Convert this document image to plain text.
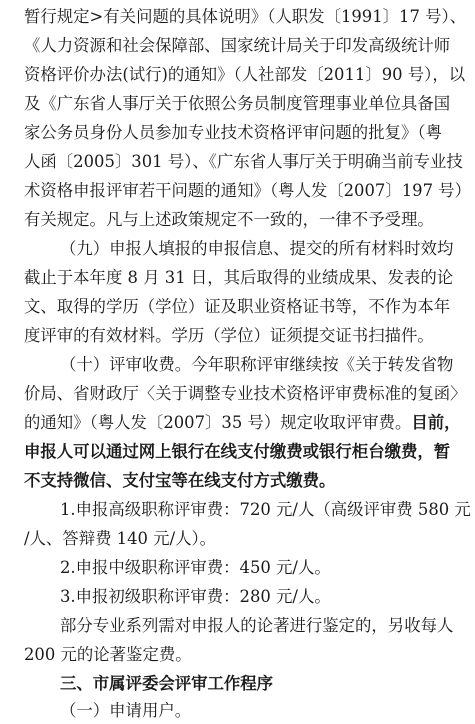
暂行规定>有关问题的具体说明》（人职发〔1991〕17 号）、
《人力资源和社会保障部、国家统计局关于印发高级统计师
资格评价办法(试行)的通知》（人社部发〔2011〕90 号），以
及《广东省人事厅关于依照公务员制度管理事业单位具备国
家公务员身份人员参加专业技术资格评审问题的批复》（粤
人函〔2005〕301 号）、《广东省人事厅关于明确当前专业技
术资格申报评审若干问题的通知》（粤人发〔2007〕197 号）
有关规定。凡与上述政策规定不一致的，一律不予受理。
（九）申报人填报的申报信息、提交的所有材料时效均
截止于本年度 8 月 31 日，其后取得的业绩成果、发表的论
文、取得的学历（学位）证及职业资格证书等，不作为本年
度评审的有效材料。学历（学位）证须提交证书扫描件。
（十）评审收费。今年职称评审继续按《关于转发省物
价局、省财政厅〈关于调整专业技术资格评审费标准的复函〉
的通知》（粤人发〔2007〕35 号）规定收取评审费。目前，
申报人可以通过网上银行在线支付缴费或银行柜台缴费，暂
不支持微信、支付宝等在线支付方式缴费。
1.申报高级职称评审费：720 元/人（高级评审费 580 元
/人、答辩费 140 元/人）。
2.申报中级职称评审费：450 元/人。
3.申报初级职称评审费：280 元/人。
部分专业系列需对申报人的论著进行鉴定的，另收每人
200 元的论著鉴定费。
三、市属评委会评审工作程序
（一）申请用户。
